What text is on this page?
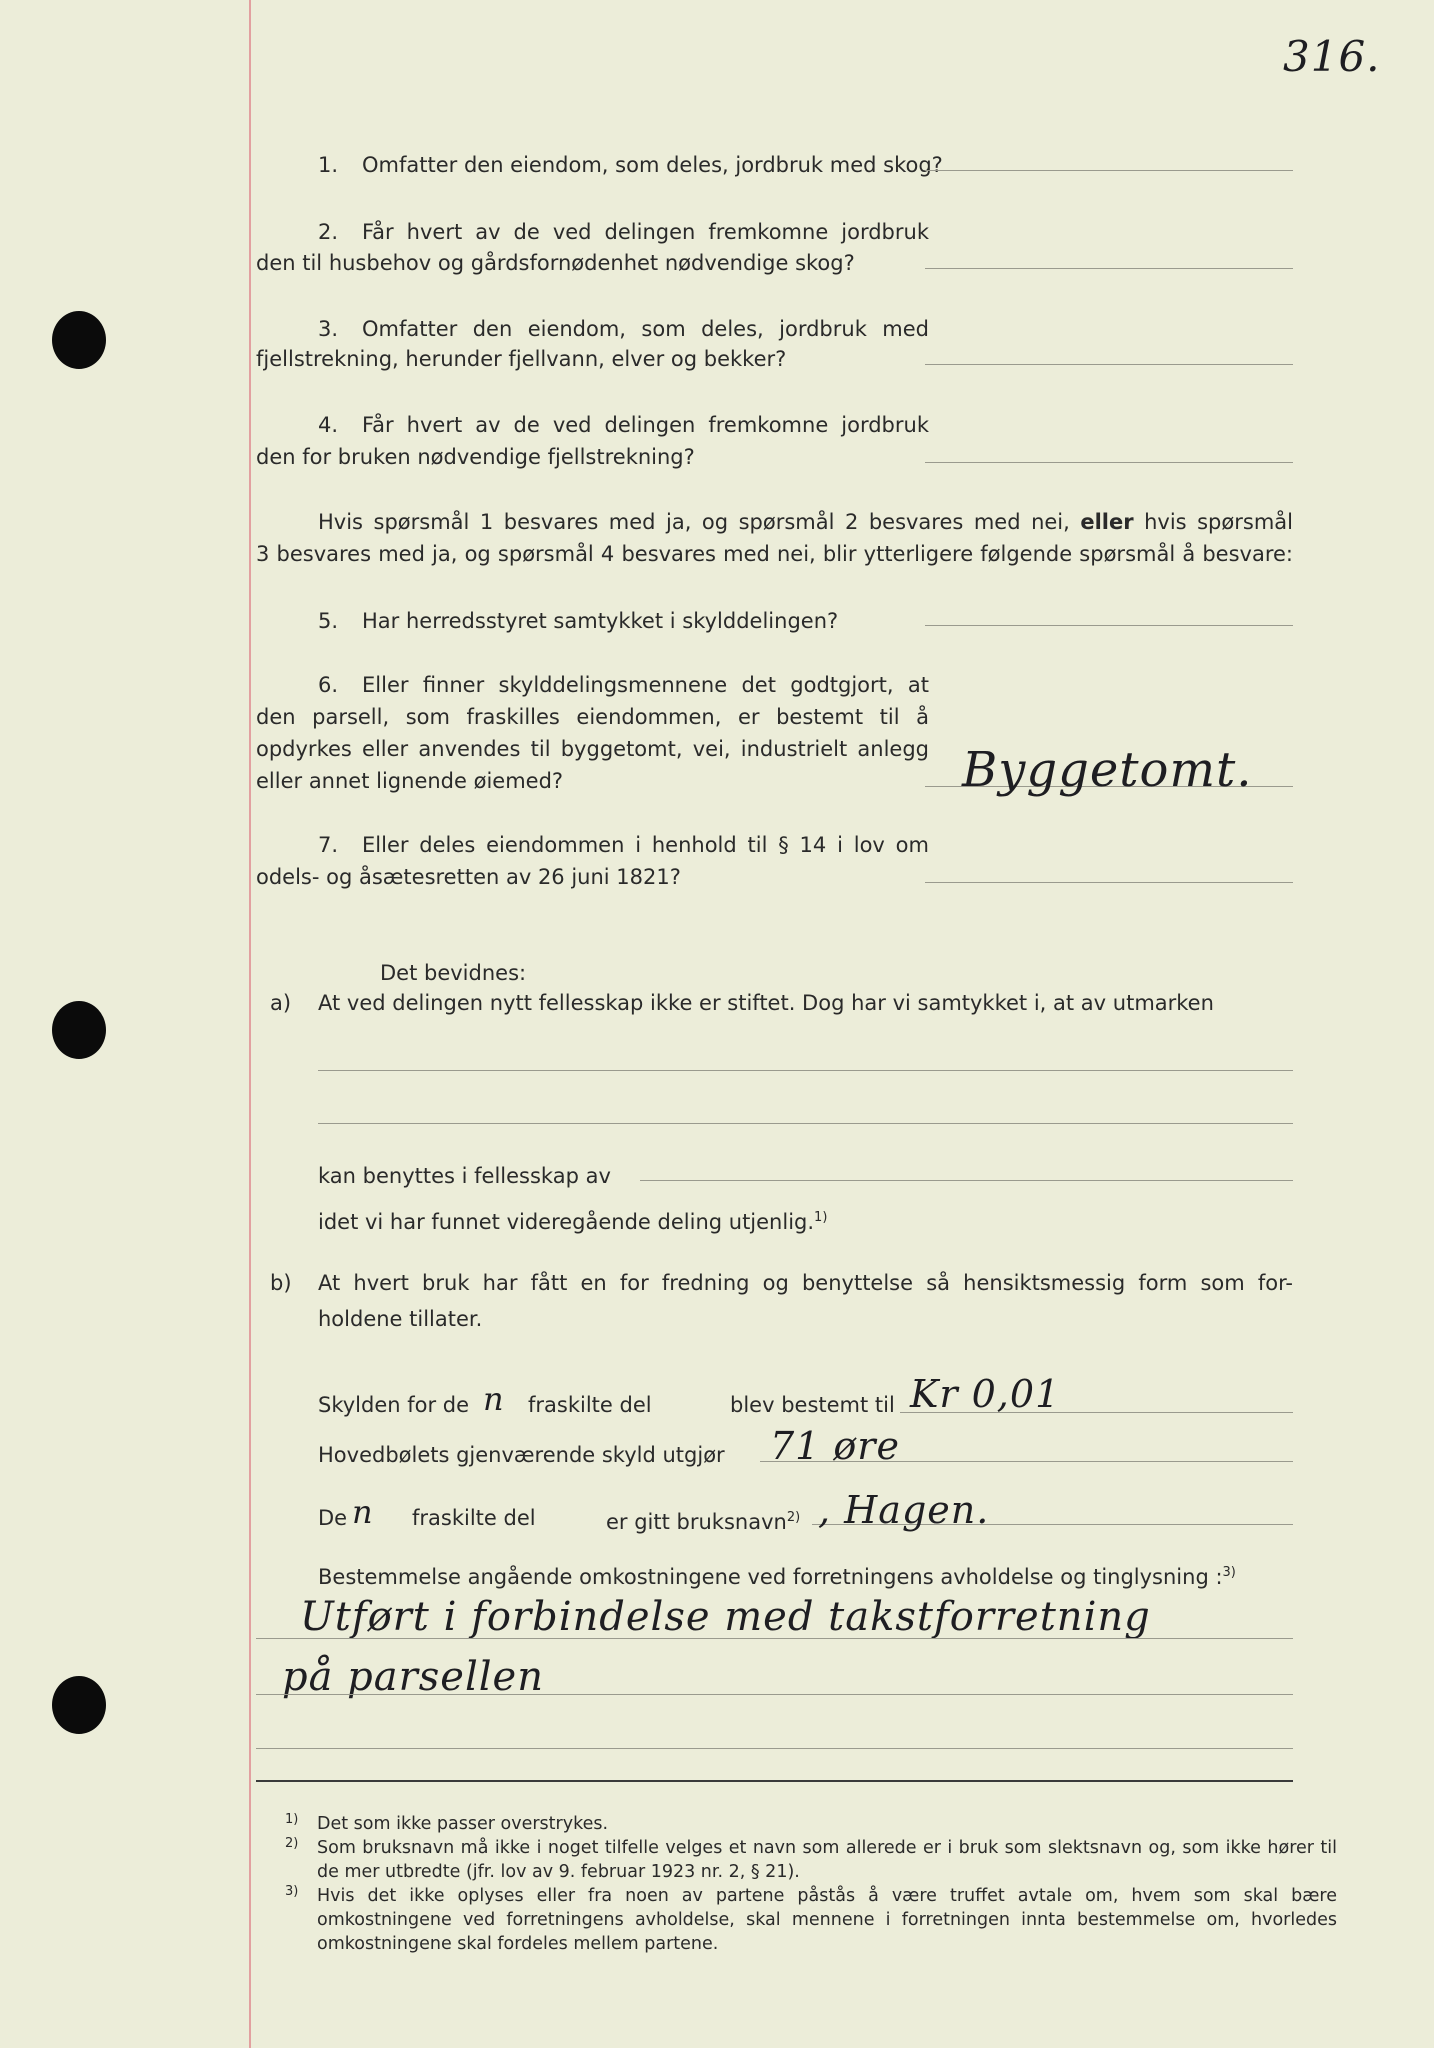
316.
1. Omfatter den eiendom, som deles, jordbruk med skog?
2. Får hvert av de ved delingen fremkomne jordbruk
den til husbehov og gårdsfornødenhet nødvendige skog?
3. Omfatter den eiendom, som deles, jordbruk med
fjellstrekning, herunder fjellvann, elver og bekker?
4. Får hvert av de ved delingen fremkomne jordbruk
den for bruken nødvendige fjellstrekning?
Hvis spørsmål 1 besvares med ja, og spørsmål 2 besvares med nei, eller hvis spørsmål
3 besvares med ja, og spørsmål 4 besvares med nei, blir ytterligere følgende spørsmål å besvare:
5. Har herredsstyret samtykket i skylddelingen?
6. Eller finner skylddelingsmennene det godtgjort, at
den parsell, som fraskilles eiendommen, er bestemt til å
opdyrkes eller anvendes til byggetomt, vei, industrielt anlegg
eller annet lignende øiemed?	Byggetomt.
7. Eller deles eiendommen i henhold til § 14 i lov om
odels- og åsætesretten av 26 juni 1821?
Det bevidnes:
a) At ved delingen nytt fellesskap ikke er stiftet. Dog har vi samtykket i, at av utmarken
kan benyttes i fellesskap av
idet vi har funnet videregående deling utjenlig.$^{1)}$
b) At hvert bruk har fått en for fredning og benyttelse så hensiktsmessig form som for-
holdene tillater.
Skylden for de n fraskilte del	blev bestemt til Kr 0,01
Hovedbølets gjenværende skyld utgjør 71 øre
De n fraskilte del	er gitt bruksnavn$^{2)}$ , Hagen.
Bestemmelse angående omkostningene ved forretningens avholdelse og tinglysning :$^{3)}$
Utført i forbindelse med takstforretning
på parsellen
1) Det som ikke passer overstrykes.
2) Som bruksnavn må ikke i noget tilfelle velges et navn som allerede er i bruk som slektsnavn og, som ikke hører til de mer utbredte (jfr. lov av 9. februar 1923 nr. 2, § 21).
3) Hvis det ikke oplyses eller fra noen av partene påstås å være truffet avtale om, hvem som skal bære omkostningene ved forretningens avholdelse, skal mennene i forretningen innta bestemmelse om, hvorledes omkostningene skal fordeles mellem partene.
